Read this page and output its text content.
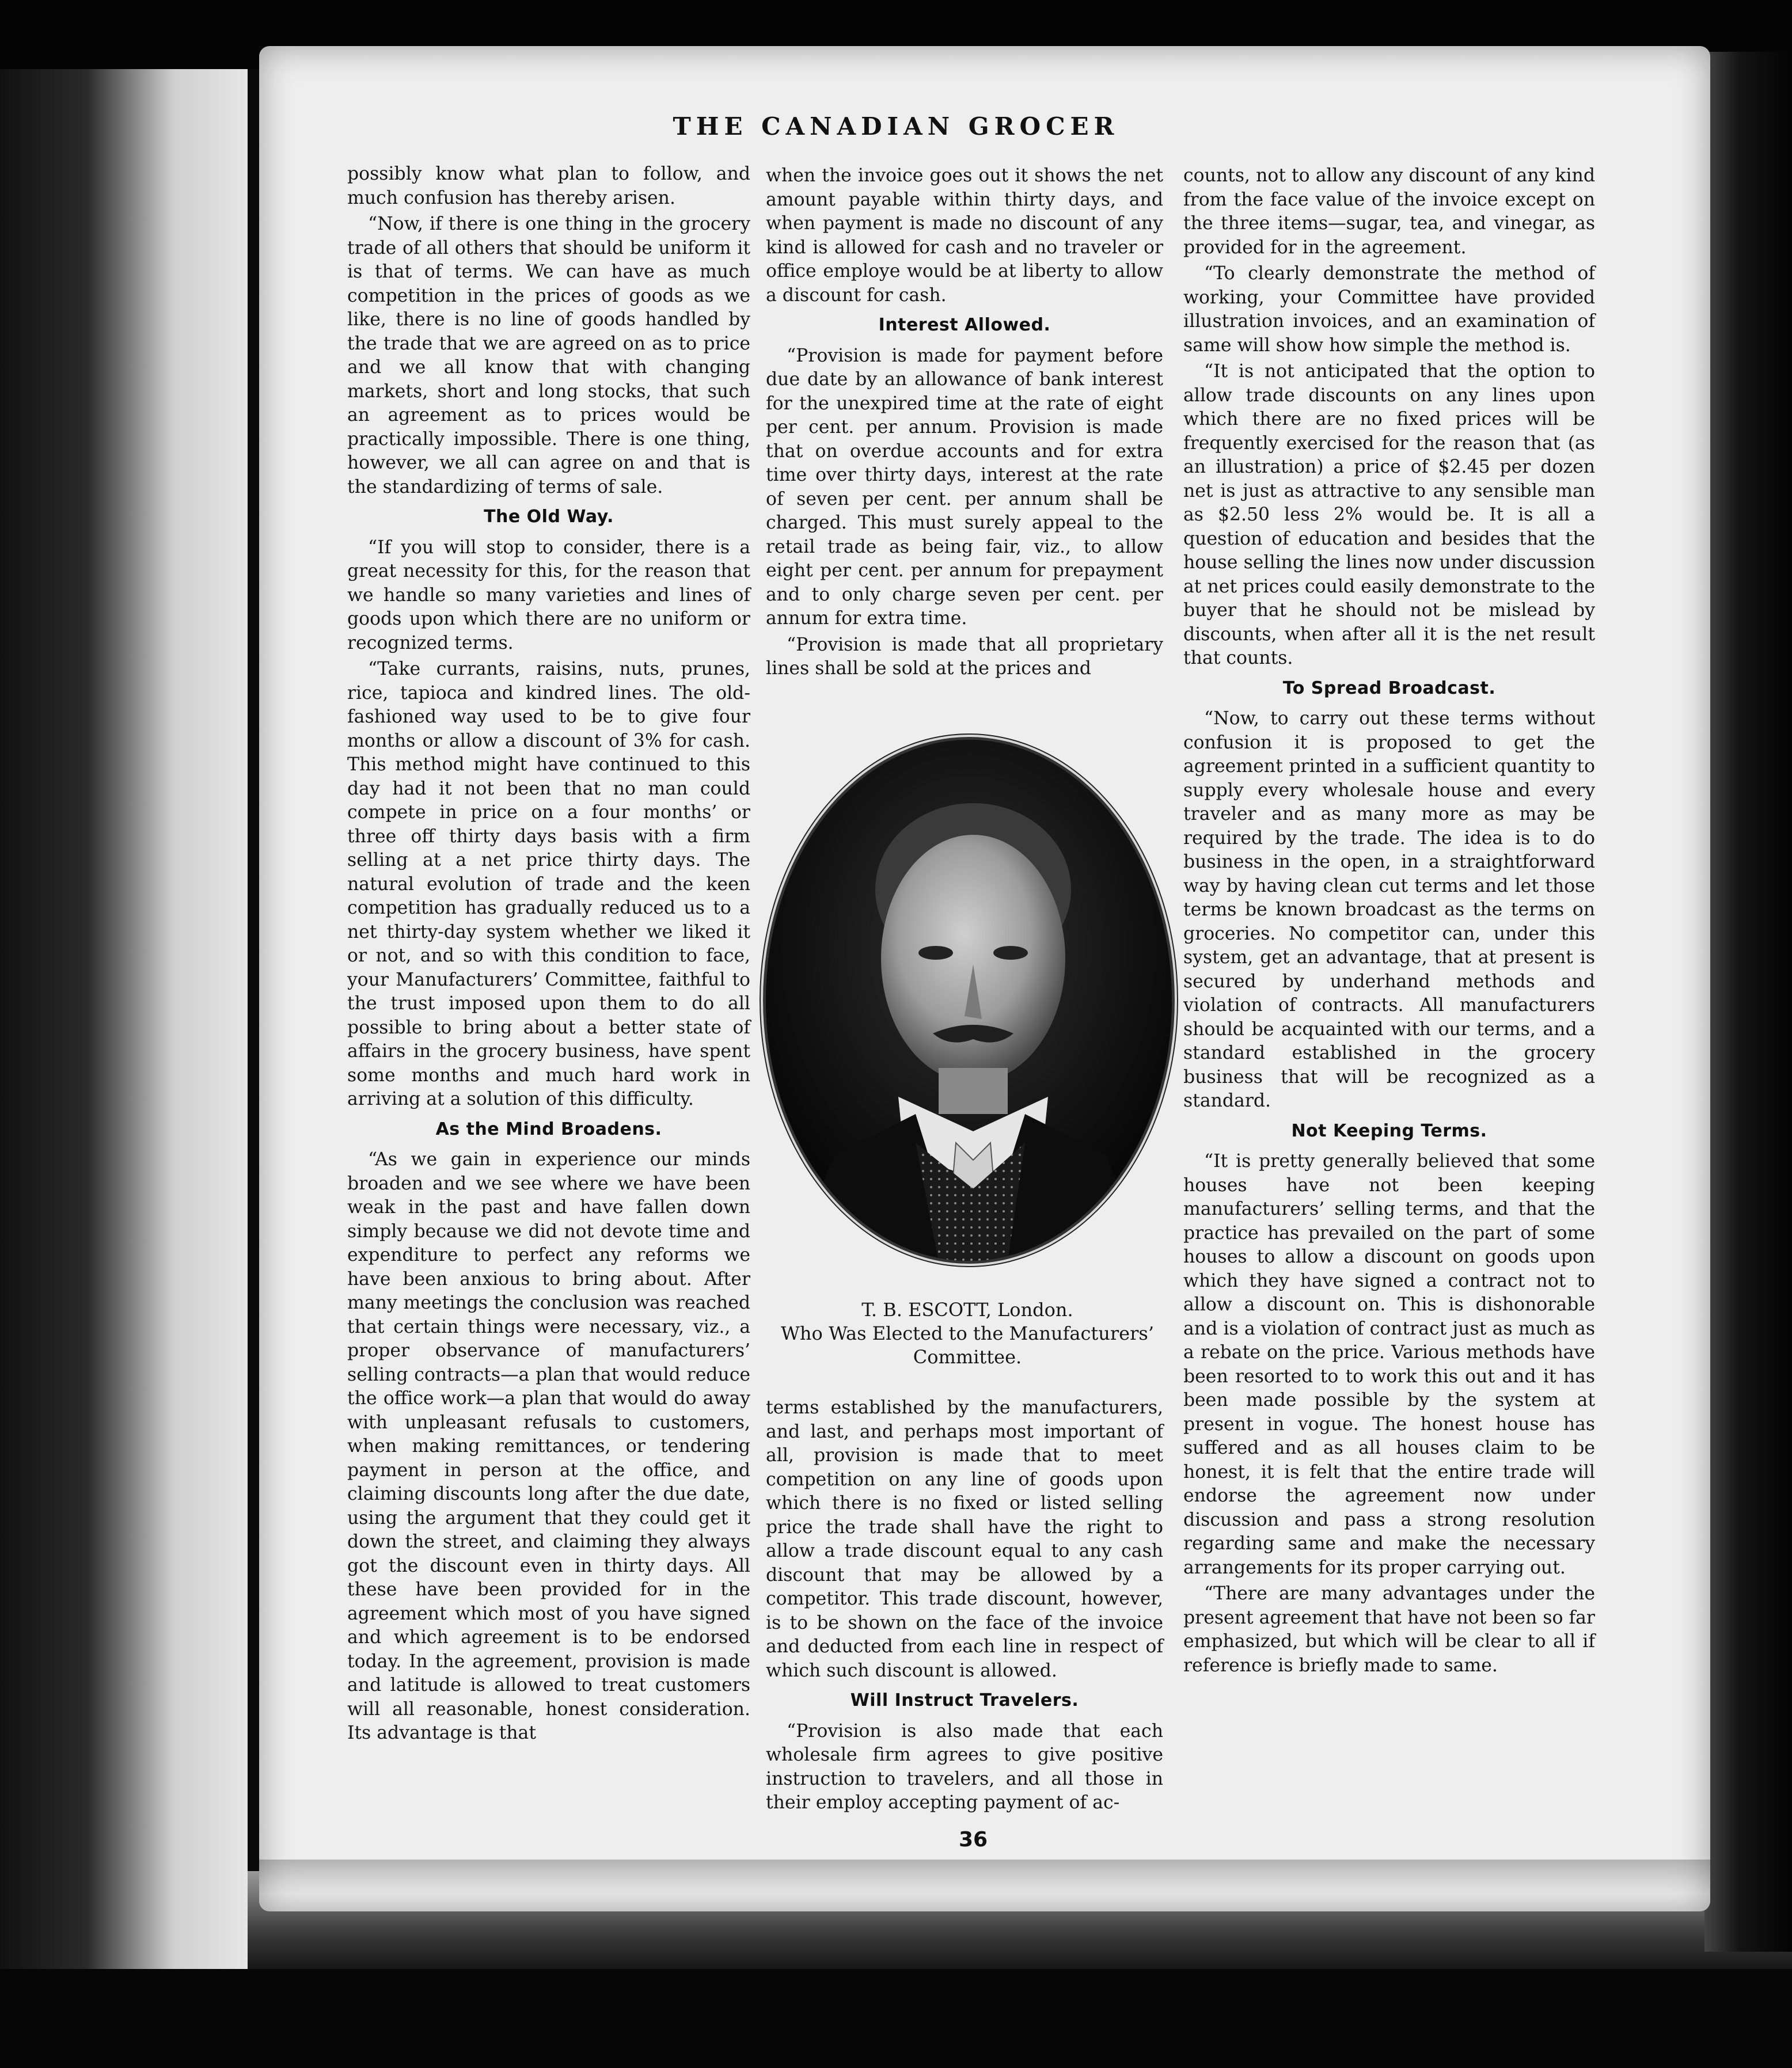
THE CANADIAN GROCER

possibly know what plan to follow, and much confusion has thereby arisen.

“Now, if there is one thing in the grocery trade of all others that should be uniform it is that of terms. We can have as much competition in the prices of goods as we like, there is no line of goods handled by the trade that we are agreed on as to price and we all know that with changing markets, short and long stocks, that such an agreement as to prices would be practically impossible. There is one thing, however, we all can agree on and that is the standardizing of terms of sale.

The Old Way.

“If you will stop to consider, there is a great necessity for this, for the reason that we handle so many varieties and lines of goods upon which there are no uniform or recognized terms.

“Take currants, raisins, nuts, prunes, rice, tapioca and kindred lines. The old-fashioned way used to be to give four months or allow a discount of 3% for cash. This method might have continued to this day had it not been that no man could compete in price on a four months’ or three off thirty days basis with a firm selling at a net price thirty days. The natural evolution of trade and the keen competition has gradually reduced us to a net thirty-day system whether we liked it or not, and so with this condition to face, your Manufacturers’ Committee, faithful to the trust imposed upon them to do all possible to bring about a better state of affairs in the grocery business, have spent some months and much hard work in arriving at a solution of this difficulty.

As the Mind Broadens.

“As we gain in experience our minds broaden and we see where we have been weak in the past and have fallen down simply because we did not devote time and expenditure to perfect any reforms we have been anxious to bring about. After many meetings the conclusion was reached that certain things were necessary, viz., a proper observance of manufacturers’ selling contracts—a plan that would reduce the office work—a plan that would do away with unpleasant refusals to customers, when making remittances, or tendering payment in person at the office, and claiming discounts long after the due date, using the argument that they could get it down the street, and claiming they always got the discount even in thirty days. All these have been provided for in the agreement which most of you have signed and which agreement is to be endorsed today. In the agreement, provision is made and latitude is allowed to treat customers will all reasonable, honest consideration. Its advantage is that

when the invoice goes out it shows the net amount payable within thirty days, and when payment is made no discount of any kind is allowed for cash and no traveler or office employe would be at liberty to allow a discount for cash.

Interest Allowed.

“Provision is made for payment before due date by an allowance of bank interest for the unexpired time at the rate of eight per cent. per annum. Provision is made that on overdue accounts and for extra time over thirty days, interest at the rate of seven per cent. per annum shall be charged. This must surely appeal to the retail trade as being fair, viz., to allow eight per cent. per annum for prepayment and to only charge seven per cent. per annum for extra time.

“Provision is made that all proprietary lines shall be sold at the prices and

T. B. ESCOTT, London.
Who Was Elected to the Manufacturers’ Committee.

terms established by the manufacturers, and last, and perhaps most important of all, provision is made that to meet competition on any line of goods upon which there is no fixed or listed selling price the trade shall have the right to allow a trade discount equal to any cash discount that may be allowed by a competitor. This trade discount, however, is to be shown on the face of the invoice and deducted from each line in respect of which such discount is allowed.

Will Instruct Travelers.

“Provision is also made that each wholesale firm agrees to give positive instruction to travelers, and all those in their employ accepting payment of ac-

counts, not to allow any discount of any kind from the face value of the invoice except on the three items—sugar, tea, and vinegar, as provided for in the agreement.

“To clearly demonstrate the method of working, your Committee have provided illustration invoices, and an examination of same will show how simple the method is.

“It is not anticipated that the option to allow trade discounts on any lines upon which there are no fixed prices will be frequently exercised for the reason that (as an illustration) a price of $2.45 per dozen net is just as attractive to any sensible man as $2.50 less 2% would be. It is all a question of education and besides that the house selling the lines now under discussion at net prices could easily demonstrate to the buyer that he should not be mislead by discounts, when after all it is the net result that counts.

To Spread Broadcast.

“Now, to carry out these terms without confusion it is proposed to get the agreement printed in a sufficient quantity to supply every wholesale house and every traveler and as many more as may be required by the trade. The idea is to do business in the open, in a straightforward way by having clean cut terms and let those terms be known broadcast as the terms on groceries. No competitor can, under this system, get an advantage, that at present is secured by underhand methods and violation of contracts. All manufacturers should be acquainted with our terms, and a standard established in the grocery business that will be recognized as a standard.

Not Keeping Terms.

“It is pretty generally believed that some houses have not been keeping manufacturers’ selling terms, and that the practice has prevailed on the part of some houses to allow a discount on goods upon which they have signed a contract not to allow a discount on. This is dishonorable and is a violation of contract just as much as a rebate on the price. Various methods have been resorted to to work this out and it has been made possible by the system at present in vogue. The honest house has suffered and as all houses claim to be honest, it is felt that the entire trade will endorse the agreement now under discussion and pass a strong resolution regarding same and make the necessary arrangements for its proper carrying out.

“There are many advantages under the present agreement that have not been so far emphasized, but which will be clear to all if reference is briefly made to same.

36
